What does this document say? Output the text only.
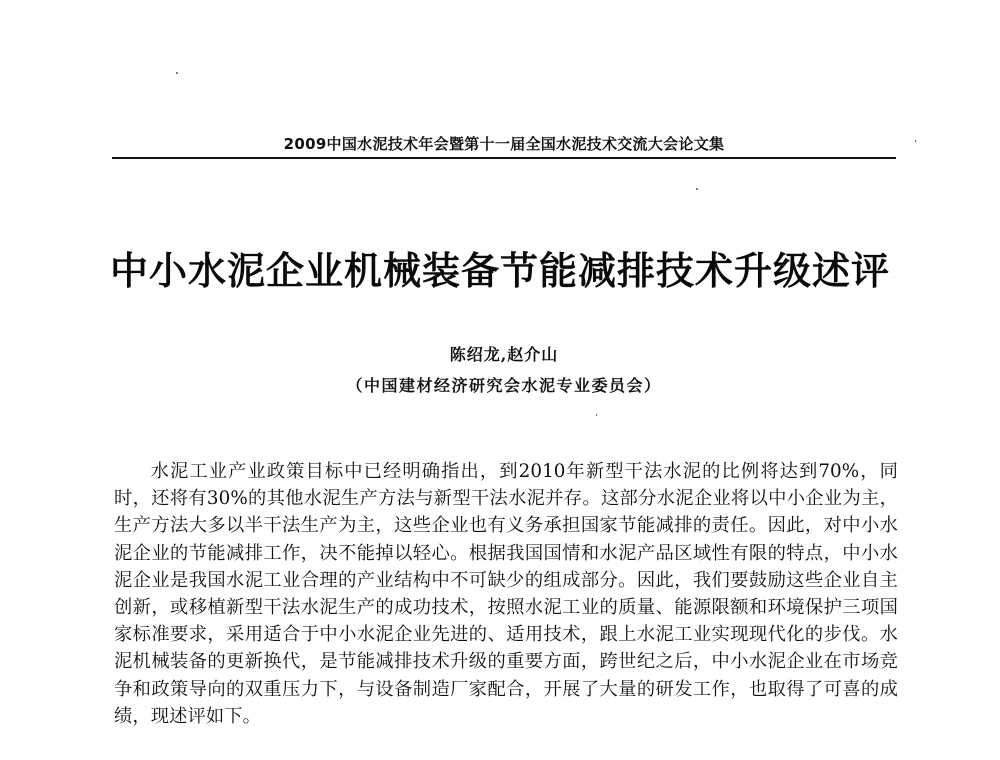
2009中国水泥技术年会暨第十一届全国水泥技术交流大会论文集
中小水泥企业机械装备节能减排技术升级述评
陈绍龙,赵介山
（中国建材经济研究会水泥专业委员会）

水泥工业产业政策目标中已经明确指出，到2010年新型干法水泥的比例将达到70%，同时，还将有30%的其他水泥生产方法与新型干法水泥并存。这部分水泥企业将以中小企业为主，生产方法大多以半干法生产为主，这些企业也有义务承担国家节能减排的责任。因此，对中小水泥企业的节能减排工作，决不能掉以轻心。根据我国国情和水泥产品区域性有限的特点，中小水泥企业是我国水泥工业合理的产业结构中不可缺少的组成部分。因此，我们要鼓励这些企业自主创新，或移植新型干法水泥生产的成功技术，按照水泥工业的质量、能源限额和环境保护三项国家标准要求，采用适合于中小水泥企业先进的、适用技术，跟上水泥工业实现现代化的步伐。水泥机械装备的更新换代，是节能减排技术升级的重要方面，跨世纪之后，中小水泥企业在市场竞争和政策导向的双重压力下，与设备制造厂家配合，开展了大量的研发工作，也取得了可喜的成绩，现述评如下。
